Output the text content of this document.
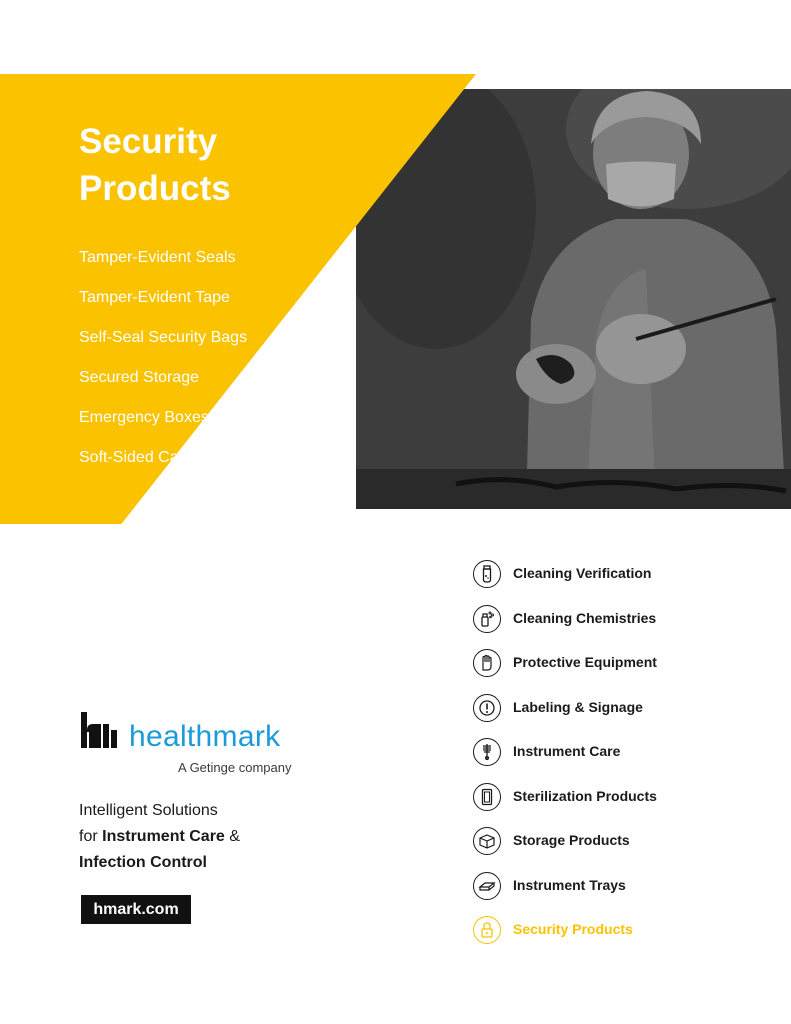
Security
Products
Tamper-Evident Seals
Tamper-Evident Tape
Self-Seal Security Bags
Secured Storage
Emergency Boxes
Soft-Sided Cases
healthmark
A Getinge company
Intelligent Solutions
for Instrument Care &
Infection Control
hmark.com
Cleaning Verification
Cleaning Chemistries
Protective Equipment
Labeling & Signage
Instrument Care
Sterilization Products
Storage Products
Instrument Trays
Security Products
